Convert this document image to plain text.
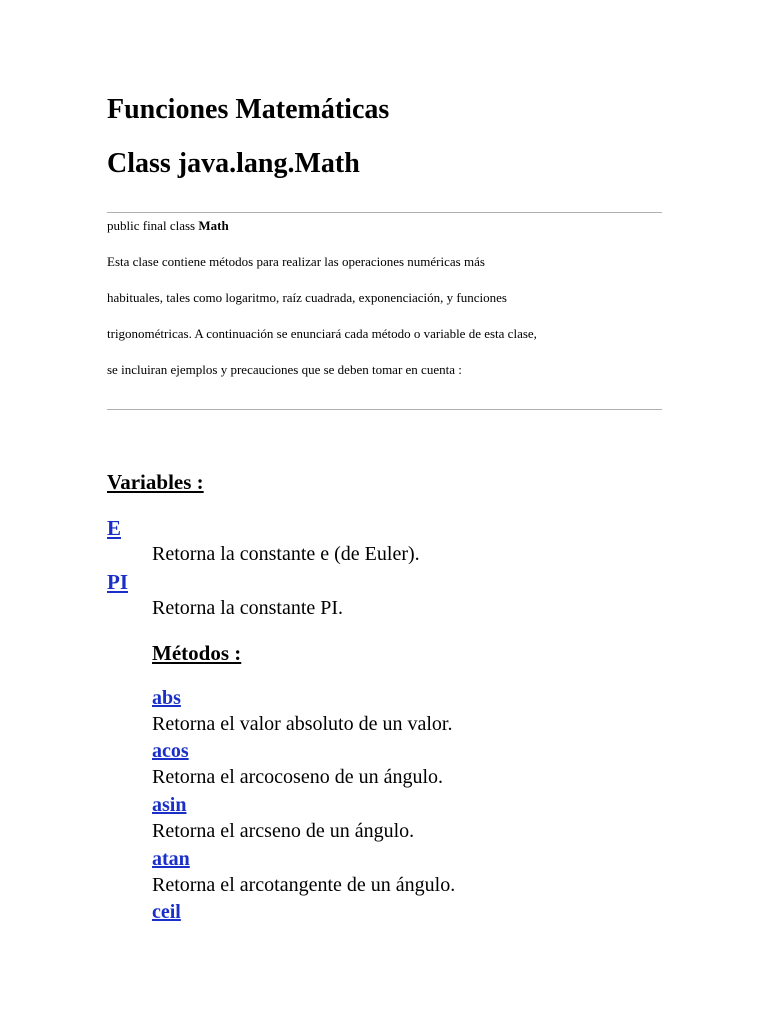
Funciones Matemáticas
Class java.lang.Math
public final class Math
Esta clase contiene métodos para realizar las operaciones numéricas más
habituales, tales como logaritmo, raíz cuadrada, exponenciación, y funciones
trigonométricas. A continuación se enunciará cada método o variable de esta clase,
se incluiran ejemplos y precauciones que se deben tomar en cuenta :
Variables :
E
Retorna la constante e (de Euler).
PI
Retorna la constante PI.
Métodos :
abs
Retorna el valor absoluto de un valor.
acos
Retorna el arcocoseno de un ángulo.
asin
Retorna el arcseno de un ángulo.
atan
Retorna el arcotangente de un ángulo.
ceil
